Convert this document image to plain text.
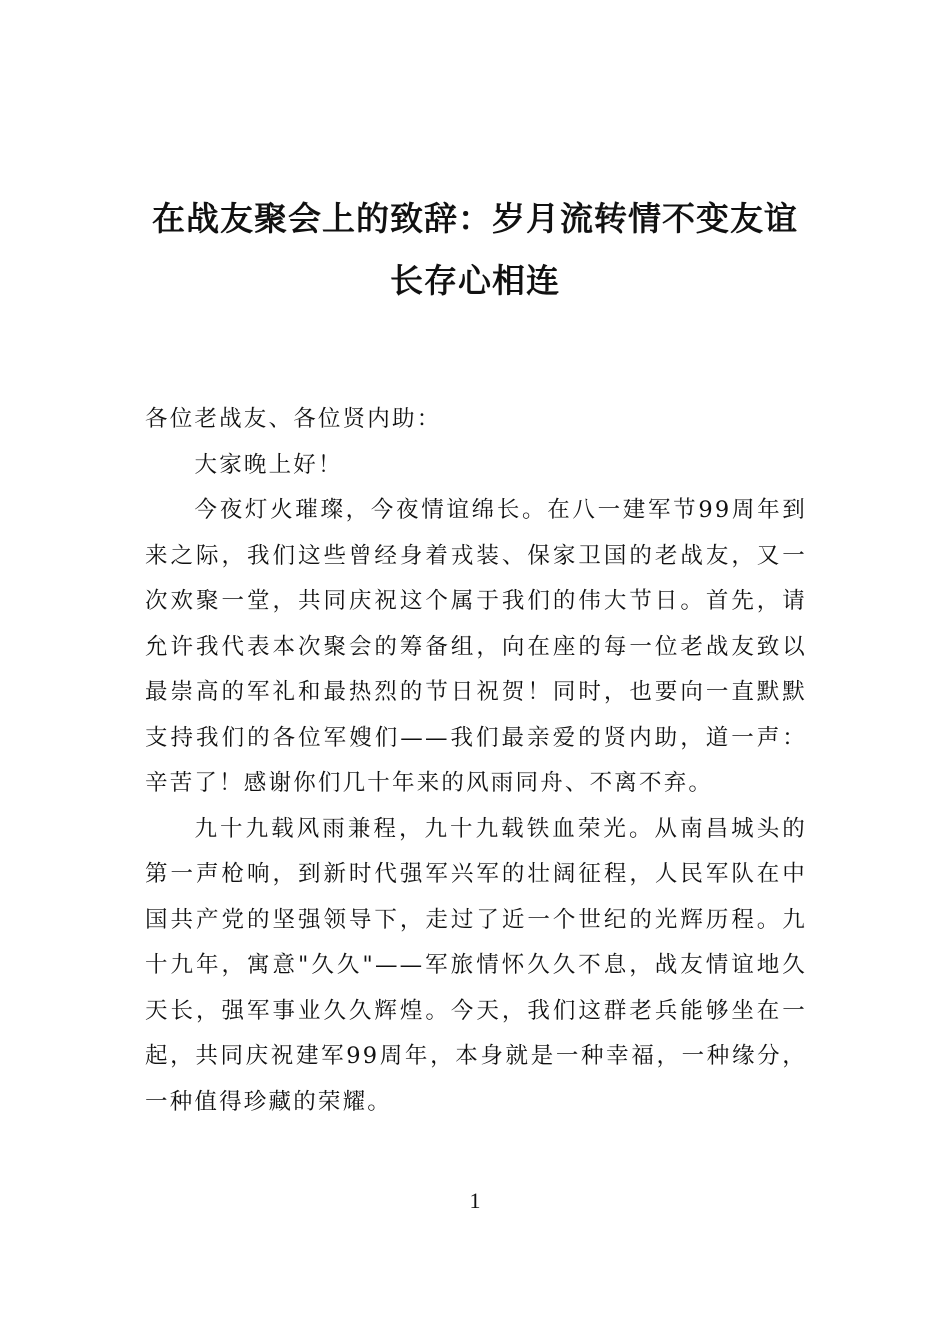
在战友聚会上的致辞：岁月流转情不变友谊长存心相连

各位老战友、各位贤内助：

大家晚上好！

今夜灯火璀璨，今夜情谊绵长。在八一建军节99周年到来之际，我们这些曾经身着戎装、保家卫国的老战友，又一次欢聚一堂，共同庆祝这个属于我们的伟大节日。首先，请允许我代表本次聚会的筹备组，向在座的每一位老战友致以最崇高的军礼和最热烈的节日祝贺！同时，也要向一直默默支持我们的各位军嫂们——我们最亲爱的贤内助，道一声：辛苦了！感谢你们几十年来的风雨同舟、不离不弃。

九十九载风雨兼程，九十九载铁血荣光。从南昌城头的第一声枪响，到新时代强军兴军的壮阔征程，人民军队在中国共产党的坚强领导下，走过了近一个世纪的光辉历程。九十九年，寓意"久久"——军旅情怀久久不息，战友情谊地久天长，强军事业久久辉煌。今天，我们这群老兵能够坐在一起，共同庆祝建军99周年，本身就是一种幸福，一种缘分，一种值得珍藏的荣耀。

1
